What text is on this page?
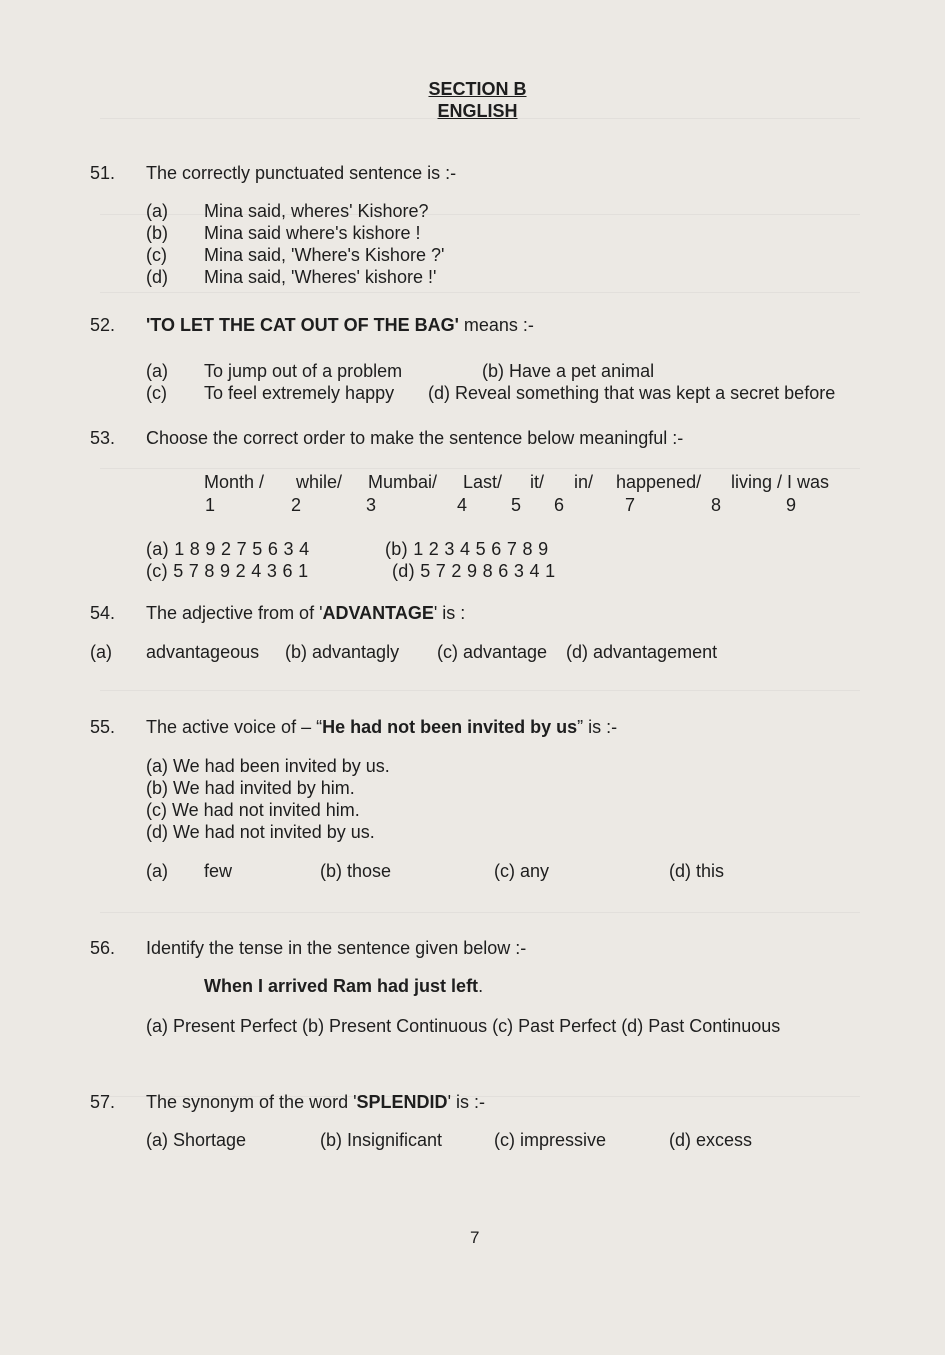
SECTION B
ENGLISH
51. The correctly punctuated sentence is :-
(a) Mina said, wheres' Kishore?
(b) Mina said where's kishore !
(c) Mina said, 'Where's Kishore ?'
(d) Mina said, 'Wheres' kishore !'
52. 'TO LET THE CAT OUT OF THE BAG' means :-
(a) To jump out of a problem	(b) Have a pet animal
(c) To feel extremely happy (d) Reveal something that was kept a secret before
53. Choose the correct order to make the sentence below meaningful :-
Month / while/ Mumbai/ Last/ it/ in/ happened/ living / I was
1	2	3	4 5 6	7	8	9
(a) 1 8 9 2 7 5 6 3 4	(b) 1 2 3 4 5 6 7 8 9
(c) 5 7 8 9 2 4 3 6 1	(d) 5 7 2 9 8 6 3 4 1
54. The adjective from of 'ADVANTAGE' is :
(a) advantageous (b) advantagly (c) advantage (d) advantagement
55. The active voice of – “He had not been invited by us” is :-
(a) We had been invited by us.
(b) We had invited by him.
(c) We had not invited him.
(d) We had not invited by us.
(a) few	(b) those	(c) any	(d) this
56. Identify the tense in the sentence given below :-
When I arrived Ram had just left.
(a) Present Perfect (b) Present Continuous (c) Past Perfect (d) Past Continuous
57. The synonym of the word 'SPLENDID' is :-
(a) Shortage	(b) Insignificant	(c) impressive	(d) excess
7
